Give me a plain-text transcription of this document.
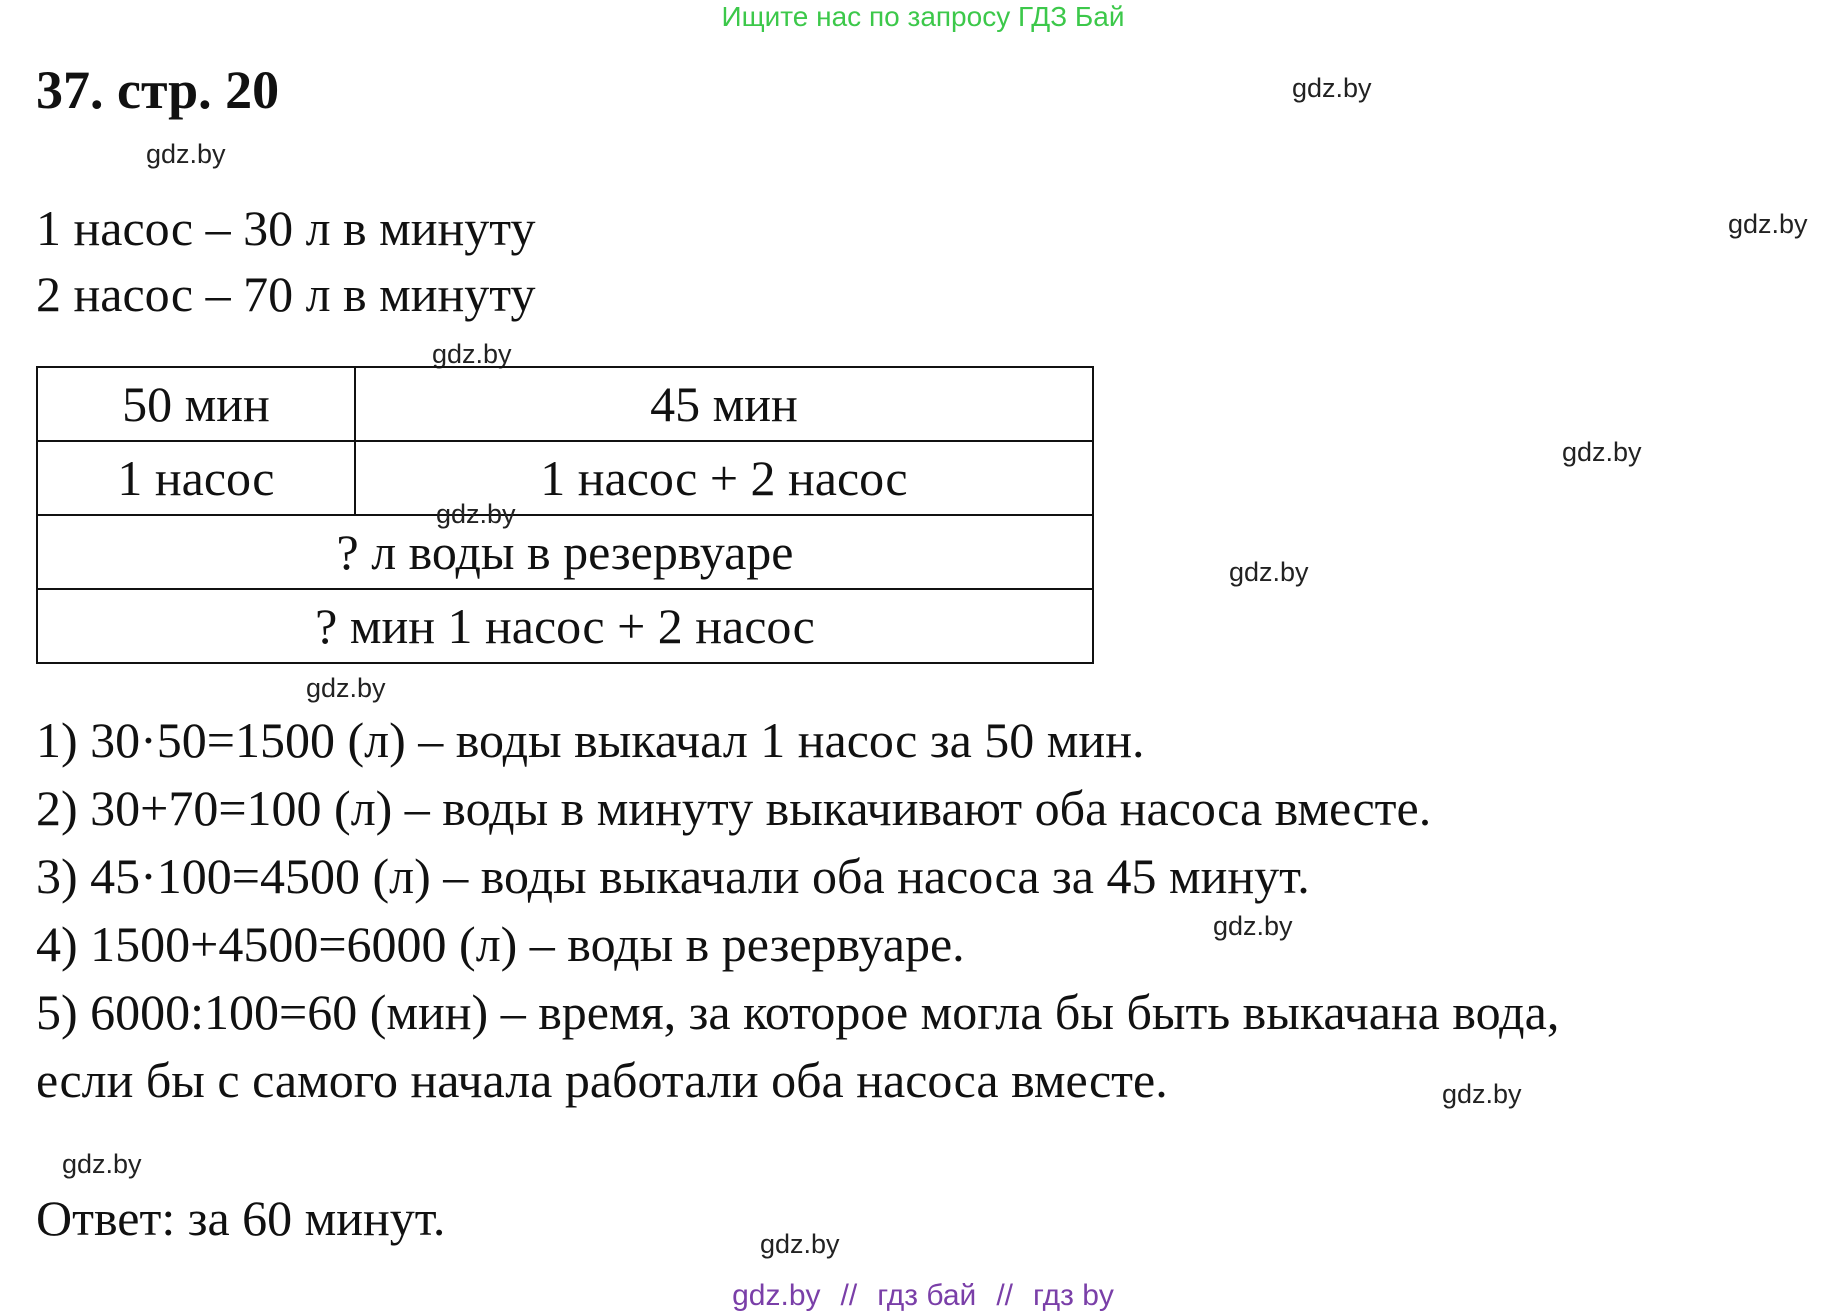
Ищите нас по запросу ГДЗ Бай
37. стр. 20	gdz.by
gdz.by
gdz.by
gdz.by
gdz.by
gdz.by
gdz.by
gdz.by
gdz.by
gdz.by
gdz.by
1 насос – 30 л в минуту
2 насос – 70 л в минуту
50 мин	45 мин
1 насос	1 насос + 2 насос
? л воды в резервуаре	
? мин 1 насос + 2 насос	
gdz.by
1) 30·50=1500 (л) – воды выкачал 1 насос за 50 мин.
2) 30+70=100 (л) – воды в минуту выкачивают оба насоса вместе.
3) 45·100=4500 (л) – воды выкачали оба насоса за 45 минут.
4) 1500+4500=6000 (л) – воды в резервуаре.
5) 6000:100=60 (мин) – время, за которое могла бы быть выкачана вода,
если бы с самого начала работали оба насоса вместе.
Ответ: за 60 минут.
gdz.by // гдз бай // гдз by
